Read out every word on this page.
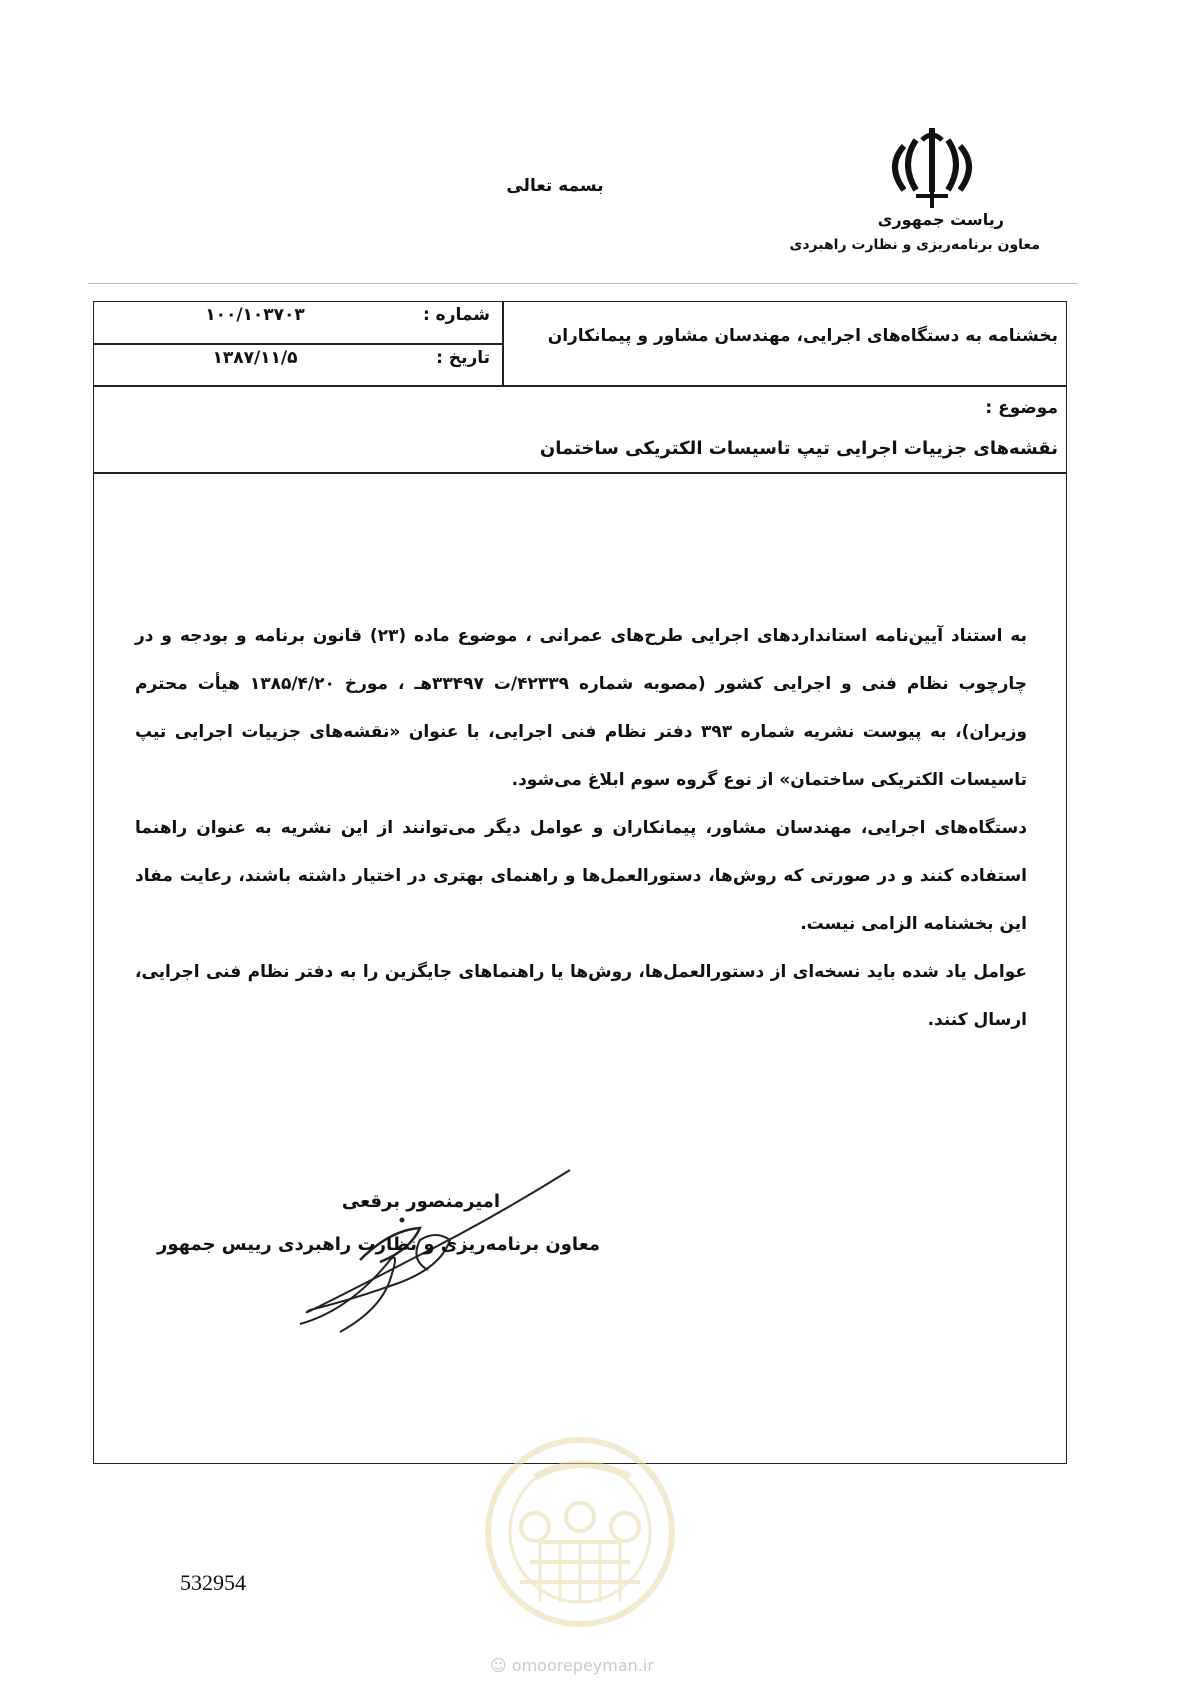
بسمه تعالی
ریاست جمهوری
معاون برنامه‌ریزی و نظارت راهبردی
شماره :
۱۰۰/۱۰۳۷۰۳
تاریخ :
۱۳۸۷/۱۱/۵
بخشنامه به دستگاه‌های اجرایی، مهندسان مشاور و پیمانکاران
موضوع :
نقشه‌های جزییات اجرایی تیپ تاسیسات الکتریکی ساختمان

به استناد آیین‌نامه استانداردهای اجرایی طرح‌های عمرانی ، موضوع ماده (۲۳) قانون برنامه و بودجه و در چارچوب نظام فنی و اجرایی کشور (مصوبه شماره ۴۲۳۳۹/ت ۳۳۴۹۷هـ ، مورخ ۱۳۸۵/۴/۲۰ هیأت محترم وزیران)، به پیوست نشریه شماره ۳۹۳ دفتر نظام فنی اجرایی، با عنوان «نقشه‌های جزییات اجرایی تیپ تاسیسات الکتریکی ساختمان» از نوع گروه سوم ابلاغ می‌شود.

دستگاه‌های اجرایی، مهندسان مشاور، پیمانکاران و عوامل دیگر می‌توانند از این نشریه به عنوان راهنما استفاده کنند و در صورتی که روش‌ها، دستورالعمل‌ها و راهنمای بهتری در اختیار داشته باشند، رعایت مفاد این بخشنامه الزامی نیست.

عوامل یاد شده باید نسخه‌ای از دستورالعمل‌ها، روش‌ها یا راهنماهای جایگزین را به دفتر نظام فنی اجرایی، ارسال کنند.

امیرمنصور برقعی
معاون برنامه‌ریزی و نظارت راهبردی رییس جمهور
532954
☺ omoorepeyman.ir
